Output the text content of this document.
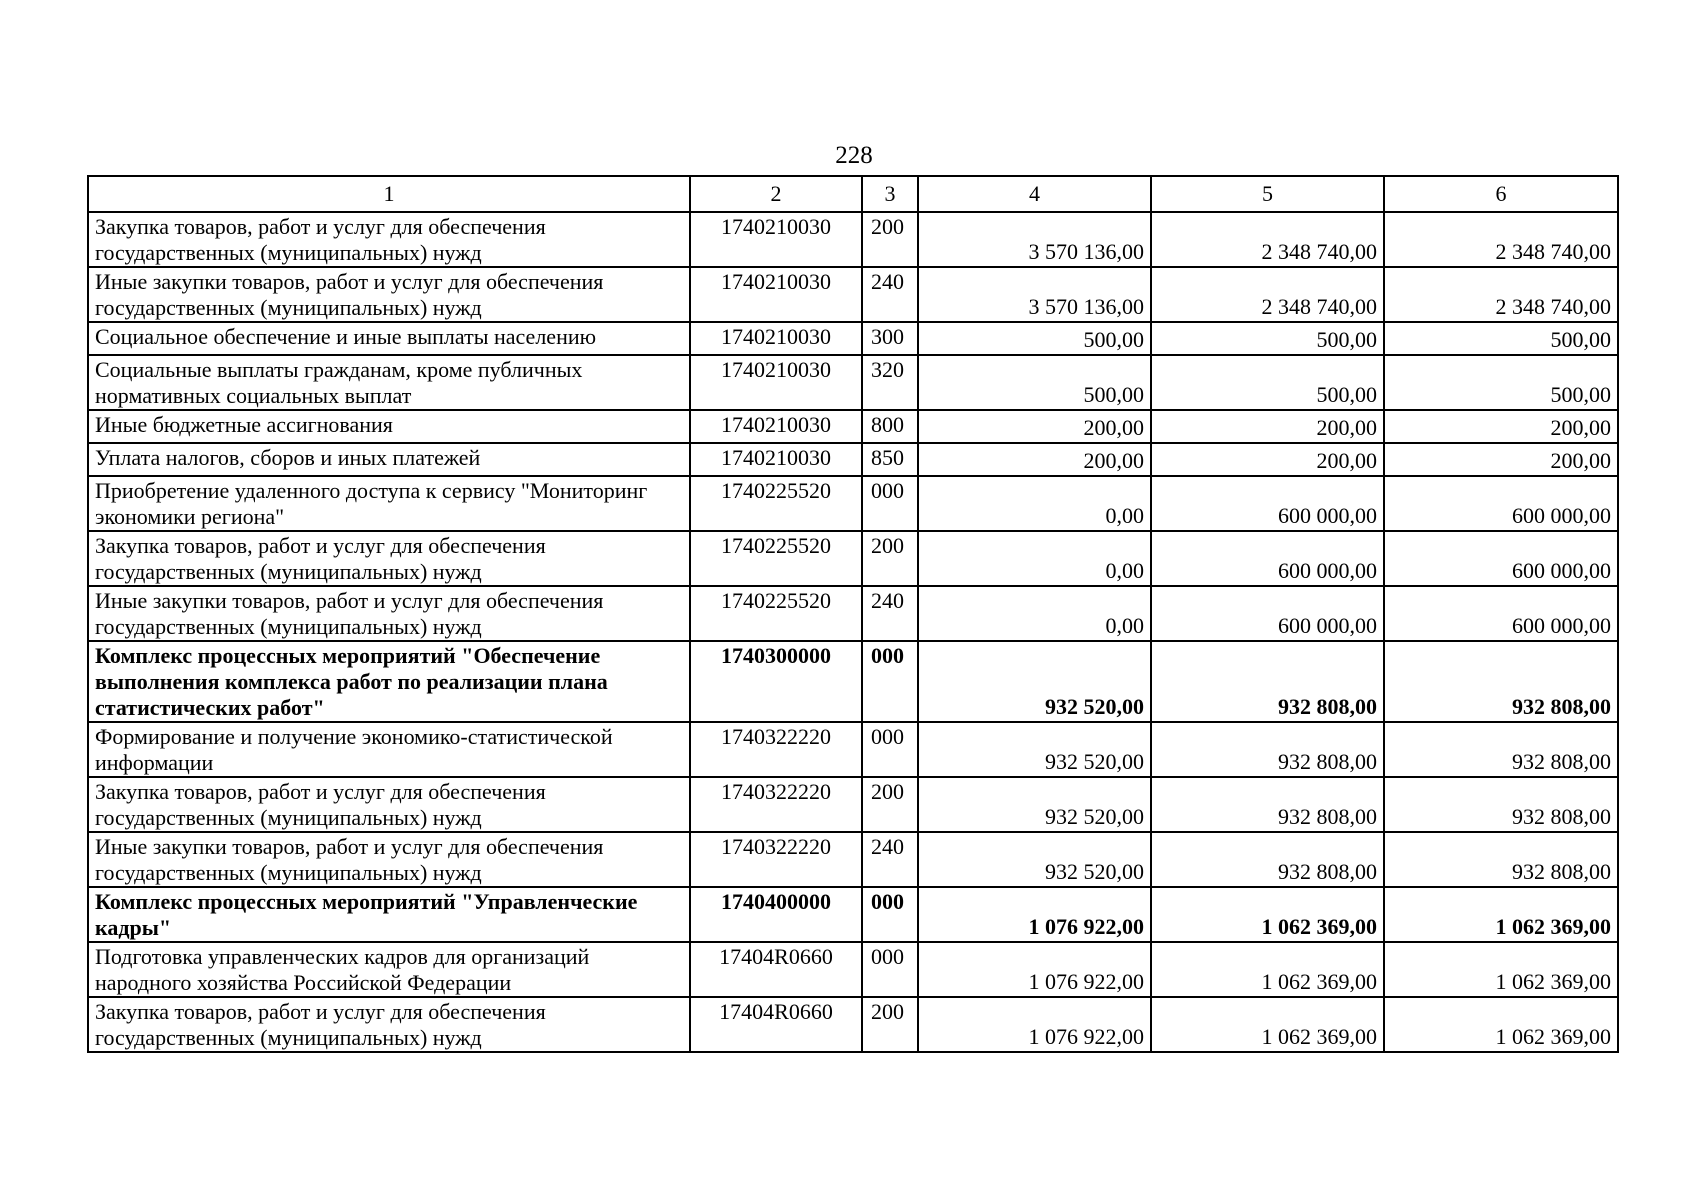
228
1	2	3	4	5	6
Закупка товаров, работ и услуг для обеспечения государственных (муниципальных) нужд	1740210030	200	3 570 136,00	2 348 740,00	2 348 740,00
Иные закупки товаров, работ и услуг для обеспечения государственных (муниципальных) нужд	1740210030	240	3 570 136,00	2 348 740,00	2 348 740,00
Социальное обеспечение и иные выплаты населению	1740210030	300	500,00	500,00	500,00
Социальные выплаты гражданам, кроме публичных нормативных социальных выплат	1740210030	320	500,00	500,00	500,00
Иные бюджетные ассигнования	1740210030	800	200,00	200,00	200,00
Уплата налогов, сборов и иных платежей	1740210030	850	200,00	200,00	200,00
Приобретение удаленного доступа к сервису "Мониторинг экономики региона"	1740225520	000	0,00	600 000,00	600 000,00
Закупка товаров, работ и услуг для обеспечения государственных (муниципальных) нужд	1740225520	200	0,00	600 000,00	600 000,00
Иные закупки товаров, работ и услуг для обеспечения государственных (муниципальных) нужд	1740225520	240	0,00	600 000,00	600 000,00
Комплекс процессных мероприятий "Обеспечение выполнения комплекса работ по реализации плана статистических работ"	1740300000	000	932 520,00	932 808,00	932 808,00
Формирование и получение экономико-статистической информации	1740322220	000	932 520,00	932 808,00	932 808,00
Закупка товаров, работ и услуг для обеспечения государственных (муниципальных) нужд	1740322220	200	932 520,00	932 808,00	932 808,00
Иные закупки товаров, работ и услуг для обеспечения государственных (муниципальных) нужд	1740322220	240	932 520,00	932 808,00	932 808,00
Комплекс процессных мероприятий "Управленческие кадры"	1740400000	000	1 076 922,00	1 062 369,00	1 062 369,00
Подготовка управленческих кадров для организаций народного хозяйства Российской Федерации	17404R0660	000	1 076 922,00	1 062 369,00	1 062 369,00
Закупка товаров, работ и услуг для обеспечения государственных (муниципальных) нужд	17404R0660	200	1 076 922,00	1 062 369,00	1 062 369,00
